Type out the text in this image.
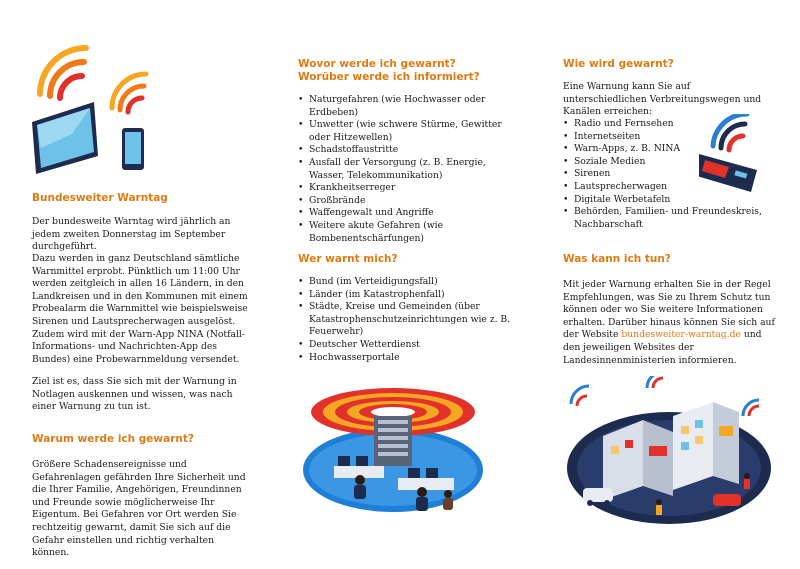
Bundesweiter Warntag

Der bundesweite Warntag wird jährlich an jedem zweiten Donnerstag im September durchgeführt.

Dazu werden in ganz Deutschland sämtliche Warnmittel erprobt. Pünktlich um 11:00 Uhr werden zeitgleich in allen 16 Ländern, in den Landkreisen und in den Kommunen mit einem Probealarm die Warnmittel wie beispielsweise Sirenen und Lautsprecherwagen ausgelöst. Zudem wird mit der Warn-App NINA (Notfall-Informations- und Nachrichten-App des Bundes) eine Probewarnmeldung versendet.

Ziel ist es, dass Sie sich mit der Warnung in Notlagen auskennen und wissen, was nach einer Warnung zu tun ist.

Warum werde ich gewarnt?

Größere Schadensereignisse und Gefahrenlagen gefährden Ihre Sicherheit und die Ihrer Familie, Angehörigen, Freundinnen und Freunde sowie möglicherweise Ihr Eigentum. Bei Gefahren vor Ort werden Sie rechtzeitig gewarnt, damit Sie sich auf die Gefahr einstellen und richtig verhalten können.

Wovor werde ich gewarnt?

Worüber werde ich informiert?

• Naturgefahren (wie Hochwasser oder Erdbeben)
• Unwetter (wie schwere Stürme, Gewitter oder Hitzewellen)
• Schadstoffaustritte
• Ausfall der Versorgung (z. B. Energie, Wasser, Telekommunikation)
• Krankheitserreger
• Großbrände
• Waffengewalt und Angriffe
• Weitere akute Gefahren (wie Bombenentschärfungen)

Wer warnt mich?

• Bund (im Verteidigungsfall)
• Länder (im Katastrophenfall)
• Städte, Kreise und Gemeinden (über Katastrophenschutzeinrichtungen wie z. B. Feuerwehr)
• Deutscher Wetterdienst
• Hochwasserportale

Wie wird gewarnt?

Eine Warnung kann Sie auf unterschiedlichen Verbreitungswegen und Kanälen erreichen:

• Radio und Fernsehen
• Internetseiten
• Warn-Apps, z. B. NINA
• Soziale Medien
• Sirenen
• Lautsprecherwagen
• Digitale Werbetafeln
• Behörden, Familien- und Freundeskreis, Nachbarschaft

Was kann ich tun?

Mit jeder Warnung erhalten Sie in der Regel Empfehlungen, was Sie zu Ihrem Schutz tun können oder wo Sie weitere Informationen erhalten. Darüber hinaus können Sie sich auf der Website bundesweiter-warntag.de und den jeweiligen Websites der Landesinnenministerien informieren.
